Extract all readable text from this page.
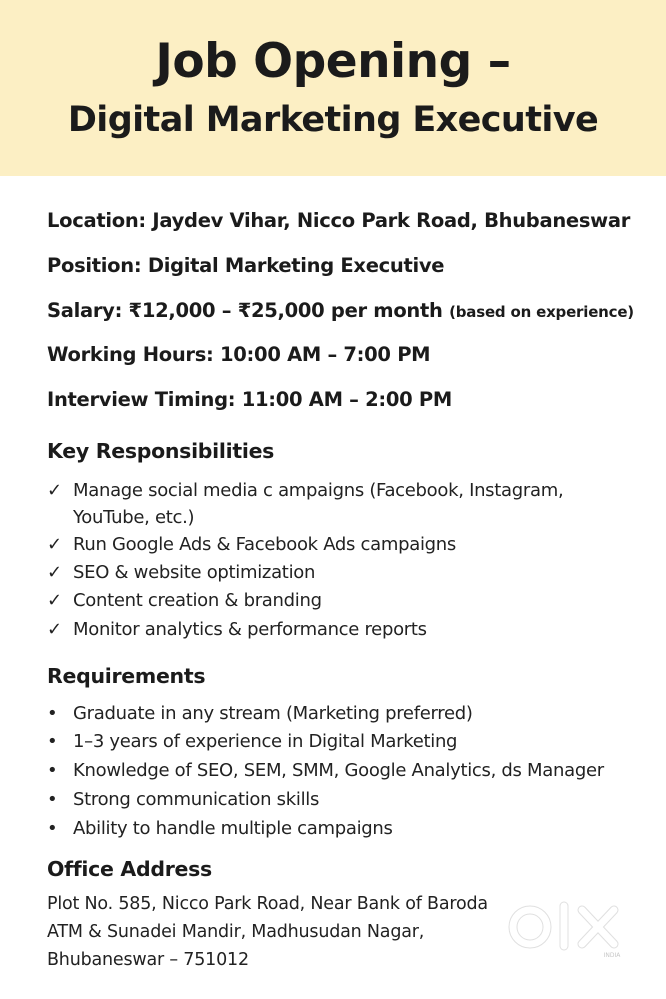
Job Opening –
Digital Marketing Executive
Location: Jaydev Vihar, Nicco Park Road, Bhubaneswar
Position: Digital Marketing Executive
Salary: ₹12,000 – ₹25,000 per month (based on experience)
Working Hours: 10:00 AM – 7:00 PM
Interview Timing: 11:00 AM – 2:00 PM
Key Responsibilities
✓ Manage social media c ampaigns (Facebook, Instagram,
YouTube, etc.)
✓ Run Google Ads & Facebook Ads campaigns
✓ SEO & website optimization
✓ Content creation & branding
✓ Monitor analytics & performance reports
Requirements
• Graduate in any stream (Marketing preferred)
• 1–3 years of experience in Digital Marketing
• Knowledge of SEO, SEM, SMM, Google Analytics, ds Manager
• Strong communication skills
• Ability to handle multiple campaigns
Office Address
Plot No. 585, Nicco Park Road, Near Bank of Baroda
ATM & Sunadei Mandir, Madhusudan Nagar,
Bhubaneswar – 751012	INDIA
